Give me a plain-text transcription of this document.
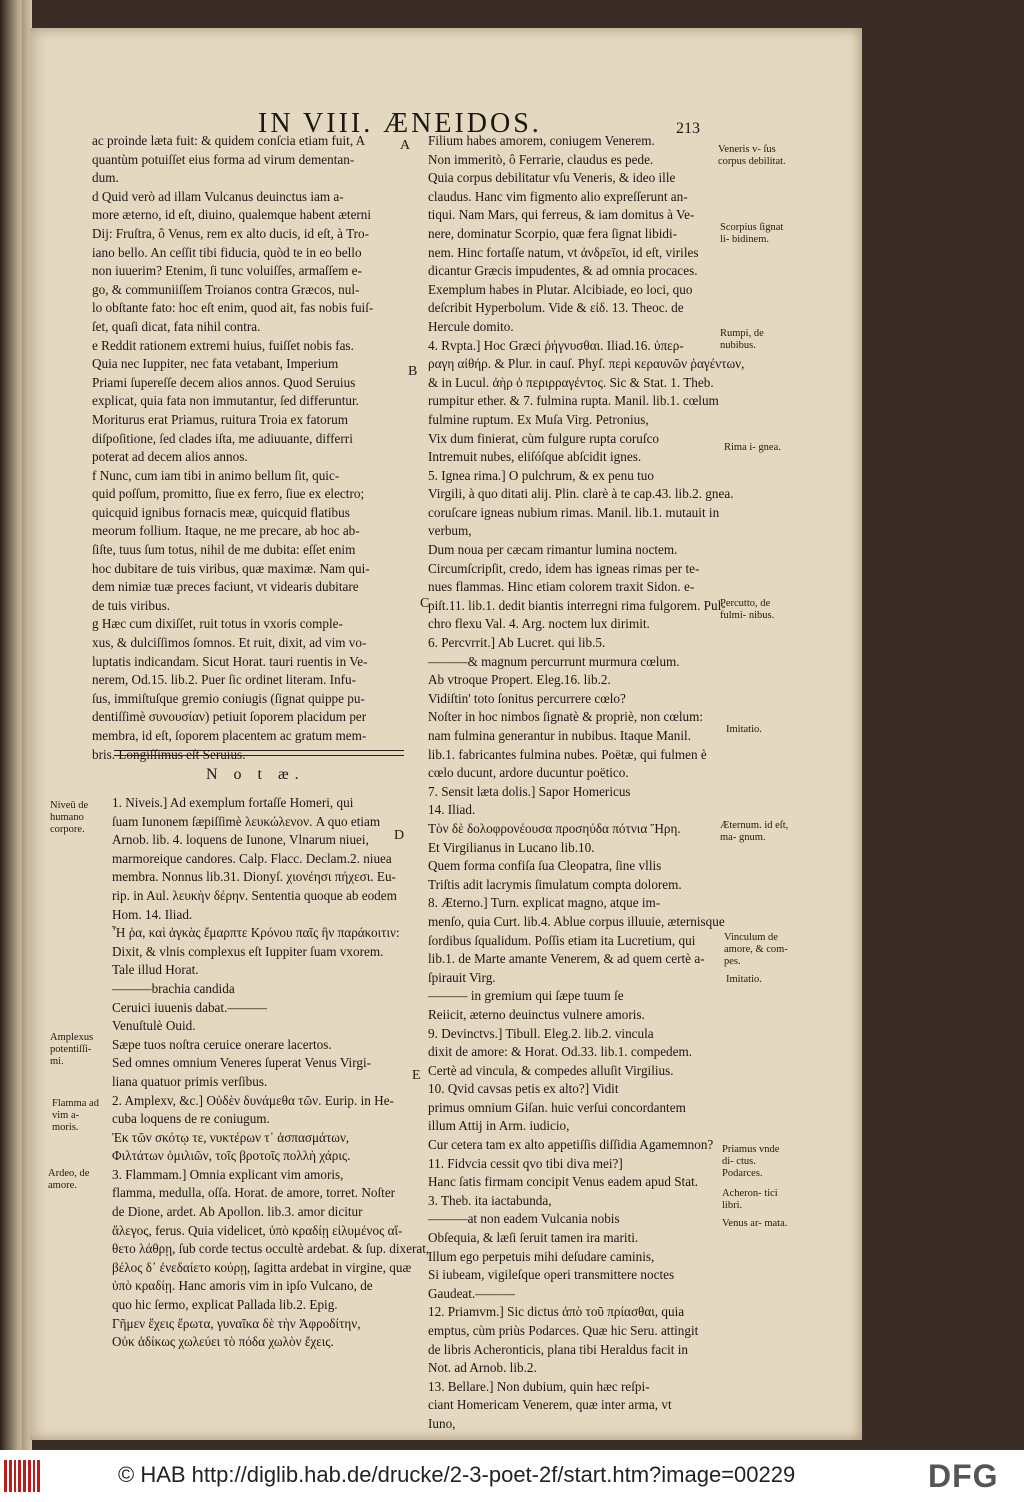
IN VIII. ÆNEIDOS.	213
ac proinde læta fuit: & quidem conſcia etiam fuit, A
quantùm potuiſſet eius forma ad virum dementan-
dum.
d Quid verò ad illam Vulcanus deuinctus iam a-
more æterno, id eſt, diuino, qualemque habent æterni
Dij: Fruſtra, ô Venus, rem ex alto ducis, id eſt, à Tro-
iano bello. An ceſſit tibi fiducia, quòd te in eo bello
non iuuerim? Etenim, ſi tunc voluiſſes, armaſſem e-
go, & communiiſſem Troianos contra Græcos, nul-
lo obſtante fato: hoc eſt enim, quod ait, fas nobis fuiſ-
ſet, quaſi dicat, fata nihil contra.
e Reddit rationem extremi huius, fuiſſet nobis fas.
Quia nec Iuppiter, nec fata vetabant, Imperium
Priami ſupereſſe decem alios annos. Quod Seruius
explicat, quia fata non immutantur, ſed differuntur.
Moriturus erat Priamus, ruitura Troia ex fatorum
diſpoſitione, ſed clades iſta, me adiuuante, differri
poterat ad decem alios annos.
f Nunc, cum iam tibi in animo bellum ſit, quic-
quid poſſum, promitto, ſiue ex ferro, ſiue ex electro;
quicquid ignibus fornacis meæ, quicquid flatibus
meorum follium. Itaque, ne me precare, ab hoc ab-
ſiſte, tuus ſum totus, nihil de me dubita: eſſet enim
hoc dubitare de tuis viribus, quæ maximæ. Nam qui-
dem nimiæ tuæ preces faciunt, vt videaris dubitare
de tuis viribus.
g Hæc cum dixiſſet, ruit totus in vxoris comple-
xus, & dulciſſimos ſomnos. Et ruit, dixit, ad vim vo-
luptatis indicandam. Sicut Horat. tauri ruentis in Ve-
nerem, Od.15. lib.2. Puer ſic ordinet literam. Infu-
ſus, immiſtuſque gremio coniugis (ſignat quippe pu-
dentiſſimè συνουσίαν) petiuit ſoporem placidum per
membra, id eſt, ſoporem placentem ac gratum mem-
bris. Longiſſimus eſt Seruius.
N o t æ.
1. Niveis.] Ad exemplum fortaſſe Homeri, qui
ſuam Iunonem ſæpiſſimè λευκώλενον. A quo etiam
Arnob. lib. 4. loquens de Iunone, Vlnarum niuei,
marmoreique candores. Calp. Flacc. Declam.2. niuea
membra. Nonnus lib.31. Dionyſ. χιονέησι πήχεσι. Eu-
rip. in Aul. λευκὴν δέρην. Sententia quoque ab eodem
Hom. 14. Iliad.
Ἦ ῥα, καὶ ἀγκὰς ἔμαρπτε Κρόνου παῖς ἣν παράκοιτιν:
Dixit, & vlnis complexus eſt Iuppiter ſuam vxorem.
Tale illud Horat.
———brachia candida
Ceruici iuuenis dabat.———
Venuſtulè Ouid.
Sæpe tuos noſtra ceruice onerare lacertos.
Sed omnes omnium Veneres ſuperat Venus Virgi-
liana quatuor primis verſibus.
2. Amplexv, &c.] Οὐδὲν δυνάμεθα τῶν. Eurip. in He-
cuba loquens de re coniugum.
Ἐκ τῶν σκότῳ τε, νυκτέρων τ᾽ ἀσπασμάτων,
Φιλτάτων ὁμιλιῶν, τοῖς βροτοῖς πολλὴ χάρις.
3. Flammam.] Omnia explicant vim amoris,
flamma, medulla, oſſa. Horat. de amore, torret. Noſter
de Dione, ardet. Ab Apollon. lib.3. amor dicitur
ἄλεγος, ferus. Quia videlicet, ὑπὸ κραδίῃ εἰλυμένος αἴ-
θετο λάθρῃ, ſub corde tectus occultè ardebat. & ſup. dixerat,
βέλος δ᾽ ἐνεδαίετο κούρῃ, ſagitta ardebat in virgine, quæ
ὑπὸ κραδίῃ. Hanc amoris vim in ipſo Vulcano, de
quo hic ſermo, explicat Pallada lib.2. Epig.
Γῆμεν ἔχεις ἔρωτα, γυναῖκα δὲ τὴν Ἀφροδίτην,
Οὐκ ἀδίκως χωλεύει τὸ πόδα χωλὸν ἔχεις.
Filium habes amorem, coniugem Venerem.
Non immeritò, ô Ferrarie, claudus es pede.
Quia corpus debilitatur vſu Veneris, & ideo ille
claudus. Hanc vim figmento alio expreſſerunt an-
tiqui. Nam Mars, qui ferreus, & iam domitus à Ve-
nere, dominatur Scorpio, quæ fera ſignat libidi-
nem. Hinc fortaſſe natum, vt ἀνδρεῖοι, id eſt, viriles
dicantur Græcis impudentes, & ad omnia procaces.
Exemplum habes in Plutar. Alcibiade, eo loci, quo
deſcribit Hyperbolum. Vide & εἰδ. 13. Theoc. de
Hercule domito.
4. Rvpta.] Hoc Græci ῥήγνυσθαι. Iliad.16. ὑπερ-
ραγη αἰθήρ. & Plur. in cauſ. Phyſ. περὶ κεραυνῶν ῥαγέντων,
& in Lucul. ἀὴρ ὁ περιρραγέντος. Sic & Stat. 1. Theb.
rumpitur ether. & 7. fulmina rupta. Manil. lib.1. cœlum
fulmine ruptum. Ex Muſa Virg. Petronius,
Vix dum finierat, cùm fulgure rupta coruſco
Intremuit nubes, eliſóſque abſcidit ignes.
5. Ignea rima.] O pulchrum, & ex penu tuo
Virgili, à quo ditati alij. Plin. clarè à te cap.43. lib.2. gnea.
coruſcare igneas nubium rimas. Manil. lib.1. mutauit in
verbum,
Dum noua per cæcam rimantur lumina noctem.
Circumſcripſit, credo, idem has igneas rimas per te-
nues flammas. Hinc etiam colorem traxit Sidon. e-
piſt.11. lib.1. dedit biantis interregni rima fulgorem. Pul-
chro flexu Val. 4. Arg. noctem lux dirimit.
6. Percvrrit.] Ab Lucret. qui lib.5.
———& magnum percurrunt murmura cœlum.
Ab vtroque Propert. Eleg.16. lib.2.
Vidiſtin' toto ſonitus percurrere cœlo?
Noſter in hoc nimbos ſignatè & propriè, non cœlum:
nam fulmina generantur in nubibus. Itaque Manil.
lib.1. fabricantes fulmina nubes. Poëtæ, qui fulmen è
cœlo ducunt, ardore ducuntur poëtico.
7. Sensit læta dolis.] Sapor Homericus
14. Iliad.
Τὸν δὲ δολοφρονέουσα προσηύδα πότνια Ἥρη.
Et Virgilianus in Lucano lib.10.
Quem forma confiſa ſua Cleopatra, ſine vllis
Triſtis adit lacrymis ſimulatum compta dolorem.
8. Æterno.] Turn. explicat magno, atque im-
menſo, quia Curt. lib.4. Ablue corpus illuuie, æternisque
ſordibus ſqualidum. Poſſis etiam ita Lucretium, qui
lib.1. de Marte amante Venerem, & ad quem certè a-
ſpirauit Virg.
——— in gremium qui ſæpe tuum ſe
Reiicit, æterno deuinctus vulnere amoris.
9. Devinctvs.] Tibull. Eleg.2. lib.2. vincula
dixit de amore: & Horat. Od.33. lib.1. compedem.
Certè ad vincula, & compedes alluſit Virgilius.
10. Qvid cavsas petis ex alto?] Vidit
primus omnium Giſan. huic verſui concordantem
illum Attij in Arm. iudicio,
Cur cetera tam ex alto appetiſſis diſſidia Agamemnon?
11. Fidvcia cessit qvo tibi diva mei?]
Hanc ſatis firmam concipit Venus eadem apud Stat.
3. Theb. ita iactabunda,
———at non eadem Vulcania nobis
Obſequia, & læſi ſeruit tamen ira mariti.
Illum ego perpetuis mihi deſudare caminis,
Si iubeam, vigileſque operi transmittere noctes
Gaudeat.———
12. Priamvm.] Sic dictus ἀπὸ τοῦ πρίασθαι, quia
emptus, cùm priùs Podarces. Quæ hic Seru. attingit
de libris Acheronticis, plana tibi Heraldus facit in
Not. ad Arnob. lib.2.
13. Bellare.] Non dubium, quin hæc reſpi-
ciant Homericam Venerem, quæ inter arma, vt
Iuno,
A
B
C
D
E
Veneris v- ſus corpus debilitat.
Scorpius ſignat li- bidinem.
Rumpi, de nubibus.
Rima i- gnea.
Percutto, de fulmi- nibus.
Imitatio.
Æternum. id eſt, ma- gnum.
Vinculum de amore, & com- pes.
Imitatio.
Priamus vnde di- ctus. Podarces.
Acheron- tici libri.
Venus ar- mata.
Niveū de humano corpore.
Amplexus potentiſſi- mi.
Flamma ad vim a- moris.
Ardeo, de amore.
© HAB http://diglib.hab.de/drucke/2-3-poet-2f/start.htm?image=00229	DFG
